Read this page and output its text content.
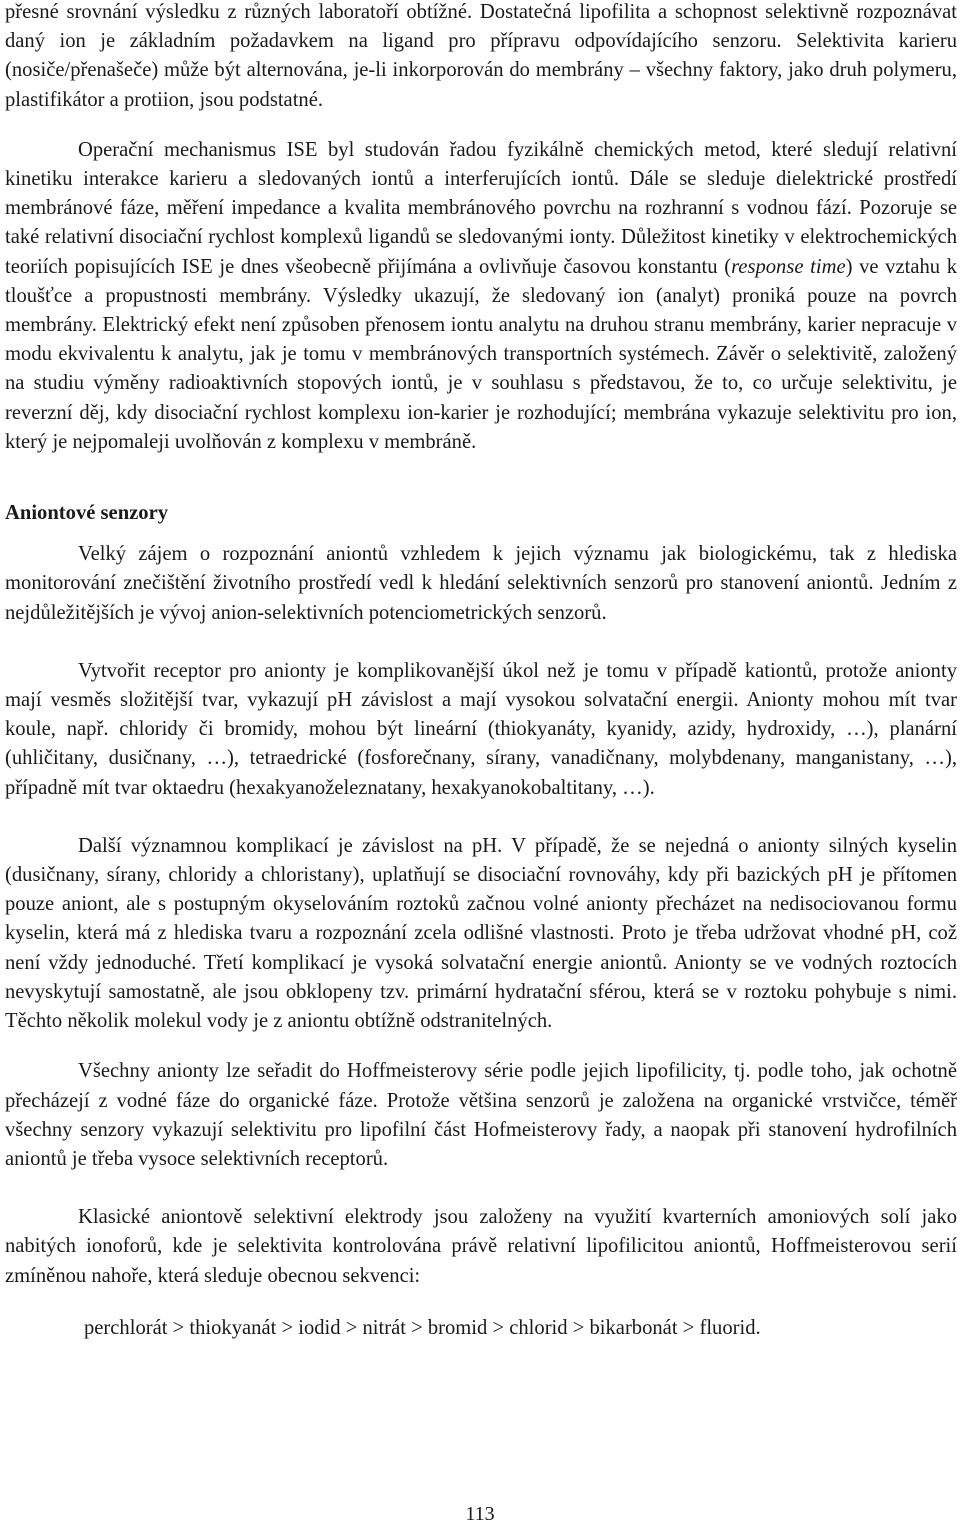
přesné srovnání výsledku z různých laboratoří obtížné. Dostatečná lipofilita a schopnost selektivně rozpoznávat daný ion je základním požadavkem na ligand pro přípravu odpovídajícího senzoru. Selektivita karieru (nosiče/přenašeče) může být alternována, je-li inkorporován do membrány – všechny faktory, jako druh polymeru, plastifikátor a protiion, jsou podstatné.

Operační mechanismus ISE byl studován řadou fyzikálně chemických metod, které sledují relativní kinetiku interakce karieru a sledovaných iontů a interferujících iontů. Dále se sleduje dielektrické prostředí membránové fáze, měření impedance a kvalita membránového povrchu na rozhranní s vodnou fází. Pozoruje se také relativní disociační rychlost komplexů ligandů se sledovanými ionty. Důležitost kinetiky v elektrochemických teoriích popisujících ISE je dnes všeobecně přijímána a ovlivňuje časovou konstantu (response time) ve vztahu k tloušťce a propustnosti membrány. Výsledky ukazují, že sledovaný ion (analyt) proniká pouze na povrch membrány. Elektrický efekt není způsoben přenosem iontu analytu na druhou stranu membrány, karier nepracuje v modu ekvivalentu k analytu, jak je tomu v membránových transportních systémech. Závěr o selektivitě, založený na studiu výměny radioaktivních stopových iontů, je v souhlasu s představou, že to, co určuje selektivitu, je reverzní děj, kdy disociační rychlost komplexu ion-karier je rozhodující; membrána vykazuje selektivitu pro ion, který je nejpomaleji uvolňován z komplexu v membráně.

Aniontové senzory

Velký zájem o rozpoznání aniontů vzhledem k jejich významu jak biologickému, tak z hlediska monitorování znečištění životního prostředí vedl k hledání selektivních senzorů pro stanovení aniontů. Jedním z nejdůležitějších je vývoj anion-selektivních potenciometrických senzorů.

Vytvořit receptor pro anionty je komplikovanější úkol než je tomu v případě kationtů, protože anionty mají vesměs složitější tvar, vykazují pH závislost a mají vysokou solvatační energii. Anionty mohou mít tvar koule, např. chloridy či bromidy, mohou být lineární (thiokyanáty, kyanidy, azidy, hydroxidy, …), planární (uhličitany, dusičnany, …), tetraedrické (fosforečnany, sírany, vanadičnany, molybdenany, manganistany, …), případně mít tvar oktaedru (hexakyanoželeznatany, hexakyanokobaltitany, …).

Další významnou komplikací je závislost na pH. V případě, že se nejedná o anionty silných kyselin (dusičnany, sírany, chloridy a chloristany), uplatňují se disociační rovnováhy, kdy při bazických pH je přítomen pouze aniont, ale s postupným okyselováním roztoků začnou volné anionty přecházet na nedisociovanou formu kyselin, která má z hlediska tvaru a rozpoznání zcela odlišné vlastnosti. Proto je třeba udržovat vhodné pH, což není vždy jednoduché. Třetí komplikací je vysoká solvatační energie aniontů. Anionty se ve vodných roztocích nevyskytují samostatně, ale jsou obklopeny tzv. primární hydratační sférou, která se v roztoku pohybuje s nimi. Těchto několik molekul vody je z aniontu obtížně odstranitelných.

Všechny anionty lze seřadit do Hoffmeisterovy série podle jejich lipofilicity, tj. podle toho, jak ochotně přecházejí z vodné fáze do organické fáze. Protože většina senzorů je založena na organické vrstvičce, téměř všechny senzory vykazují selektivitu pro lipofilní část Hofmeisterovy řady, a naopak při stanovení hydrofilních aniontů je třeba vysoce selektivních receptorů.

Klasické aniontově selektivní elektrody jsou založeny na využití kvarterních amoniových solí jako nabitých ionoforů, kde je selektivita kontrolována právě relativní lipofilicitou aniontů, Hoffmeisterovou serií zmíněnou nahoře, která sleduje obecnou sekvenci:

perchlorát > thiokyanát > iodid > nitrát > bromid > chlorid > bikarbonát > fluorid.

113
